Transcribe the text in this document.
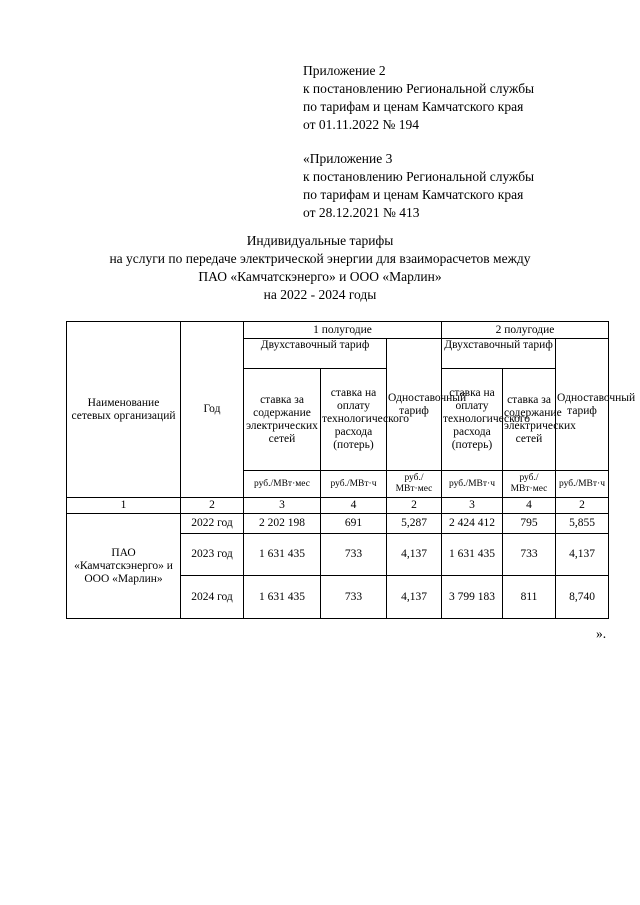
Приложение 2
к постановлению Региональной службы
по тарифам и ценам Камчатского края
от 01.11.2022 № 194
«Приложение 3
к постановлению Региональной службы
по тарифам и ценам Камчатского края
от 28.12.2021 № 413
Индивидуальные тарифы
на услуги по передаче электрической энергии для взаиморасчетов между
ПАО «Камчатскэнерго» и ООО «Марлин»
на 2022 - 2024 годы
Наименование сетевых организаций	Год	1 полугодие			2 полугодие		
		Двухставочный тариф		Одноставочный тариф	Двухставочный тариф		Одноставочный тариф
		ставка за содержание электрических сетей	ставка на оплату технологического расхода (потерь)		ставка на оплату технологического расхода (потерь)	ставка за содержание электрических сетей	
		руб./МВт·мес	руб./МВт·ч	руб./МВт·мес	руб./МВт·ч	руб./МВт·мес	руб./МВт·ч
1	2	3	4	2	3	4	2
ПАО «Камчатскэнерго» и ООО «Марлин»	2022 год	2 202 198	691	5,287	2 424 412	795	5,855
	2023 год	1 631 435	733	4,137	1 631 435	733	4,137
	2024 год	1 631 435	733	4,137	3 799 183	811	8,740
».
